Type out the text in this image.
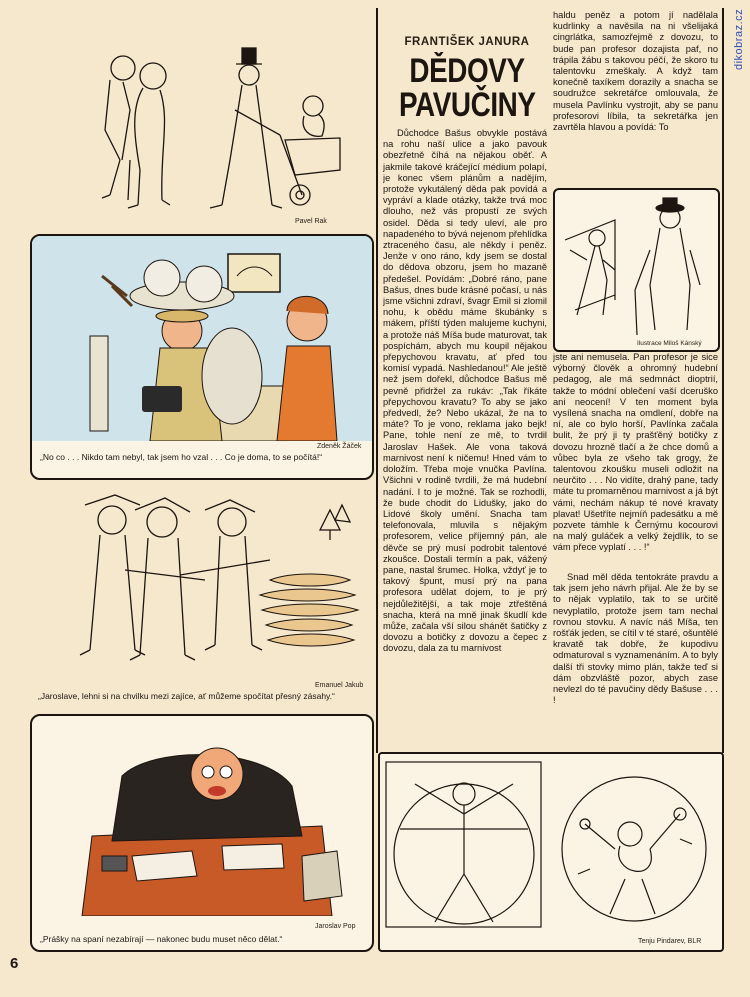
Pavel Rak
Zdeněk Žáček
„No co . . . Nikdo tam nebyl, tak jsem ho vzal . . . Co je doma, to se počítá!“
Emanuel Jakub
„Jaroslave, lehni si na chvilku mezi zajíce, ať můžeme spočítat přesný zásahy.“
Jaroslav Pop
„Prášky na spaní nezabírají — nakonec budu muset něco dělat.“
FRANTIŠEK JANURA
DĚDOVY
PAVUČINY

Důchodce Bašus obvykle postává na rohu naší ulice a jako pavouk obezřetně číhá na nějakou oběť. A jakmile takové kráčející médium polapí, je konec všem plánům a nadějím, protože vykutálený děda pak povídá a vypráví a klade otázky, takže trvá moc dlouho, než vás propustí ze svých osidel. Děda si tedy uleví, ale pro napadeného to bývá nejenom přehlídka ztraceného času, ale někdy i peněz. Jenže v ono ráno, kdy jsem se dostal do dědova obzoru, jsem ho mazaně předešel. Povídám: „Dobré ráno, pane Bašus, dnes bude krásné počasí, u nás jsme všichni zdraví, švagr Emil si zlomil nohu, k obědu máme škubánky s mákem, příští týden malujeme kuchyni, a protože náš Míša bude maturovat, tak pospíchám, abych mu koupil nějakou přepychovou kravatu, ať před tou komisí vypadá. Nashledanou!“ Ale ještě než jsem dořekl, důchodce Bašus mě pevně přidržel za rukáv: „Tak říkáte přepychovou kravatu? To aby se jako předvedl, že? Nebo ukázal, že na to máte? To je vono, reklama jako bejk! Pane, tohle není ze mě, to tvrdil Jaroslav Hašek. Ale vona taková marnivost není k ničemu! Hned vám to doložím. Třeba moje vnučka Pavlína. Všichni v rodině tvrdili, že má hudební nadání. I to je možné. Tak se rozhodli, že bude chodit do Lidušky, jako do Lidové školy umění. Snacha tam telefonovala, mluvila s nějakým profesorem, velice příjemný pán, ale děvče se prý musí podrobit talentové zkoušce. Dostali termín a pak, vážený pane, nastal šrumec. Holka, vždyť je to takový špunt, musí prý na pana profesora udělat dojem, to je prý nejdůležitější, a tak moje ztřeštěná snacha, která na mně jinak škudlí kde může, začala vší silou shánět šatičky z dovozu a botičky z dovozu a čepec z dovozu, dala za tu marnivost

haldu peněz a potom jí nadělala kudrlinky a navěsila na ni všelijaká cingrlátka, samozřejmě z dovozu, to bude pan profesor dozajista paf, no trápila žábu s takovou péčí, že skoro tu talentovku zmeškaly. A když tam konečně taxíkem dorazily a snacha se soudružce sekretářce omlouvala, že musela Pavlínku vystrojit, aby se panu profesorovi líbila, ta sekretářka jen zavrtěla hlavou a povídá: To

Ilustrace Miloš Kánský

jste ani nemusela. Pan profesor je sice výborný člověk a ohromný hudební pedagog, ale má sedmnáct dioptrií, takže to módní oblečení vaší dceruško ani neocení! V ten moment byla vysílená snacha na omdlení, dobře na ní, ale co bylo horší, Pavlínka začala bulit, že prý ji ty prašťěný botičky z dovozu hrozně tlačí a že chce domů a vůbec byla ze všeho tak grogy, že talentovou zkoušku museli odložit na neurčito . . . No vidíte, drahý pane, tady máte tu promarněnou marnivost a já být vámi, nechám nákup té nové kravaty plavat! Ušetříte nejmíň padesátku a mě pozvete támhle k Černýmu kocourovi na malý guláček a velký žejdlík, to se vám přece vyplatí . . . !“

Snad měl děda tentokráte pravdu a tak jsem jeho návrh přijal. Ale že by se to nějak vyplatilo, tak to se určitě nevyplatilo, protože jsem tam nechal rovnou stovku. A navíc náš Míša, ten rošťák jeden, se cítil v té staré, ošuntělé kravatě tak dobře, že kupodivu odmaturoval s vyznamenáním. A to byly další tři stovky mimo plán, takže teď si dám obzvláště pozor, abych zase nevlezl do té pavučiny dědy Bašuse . . . !

Tenju Pindarev, BLR
6
dikobraz.cz
